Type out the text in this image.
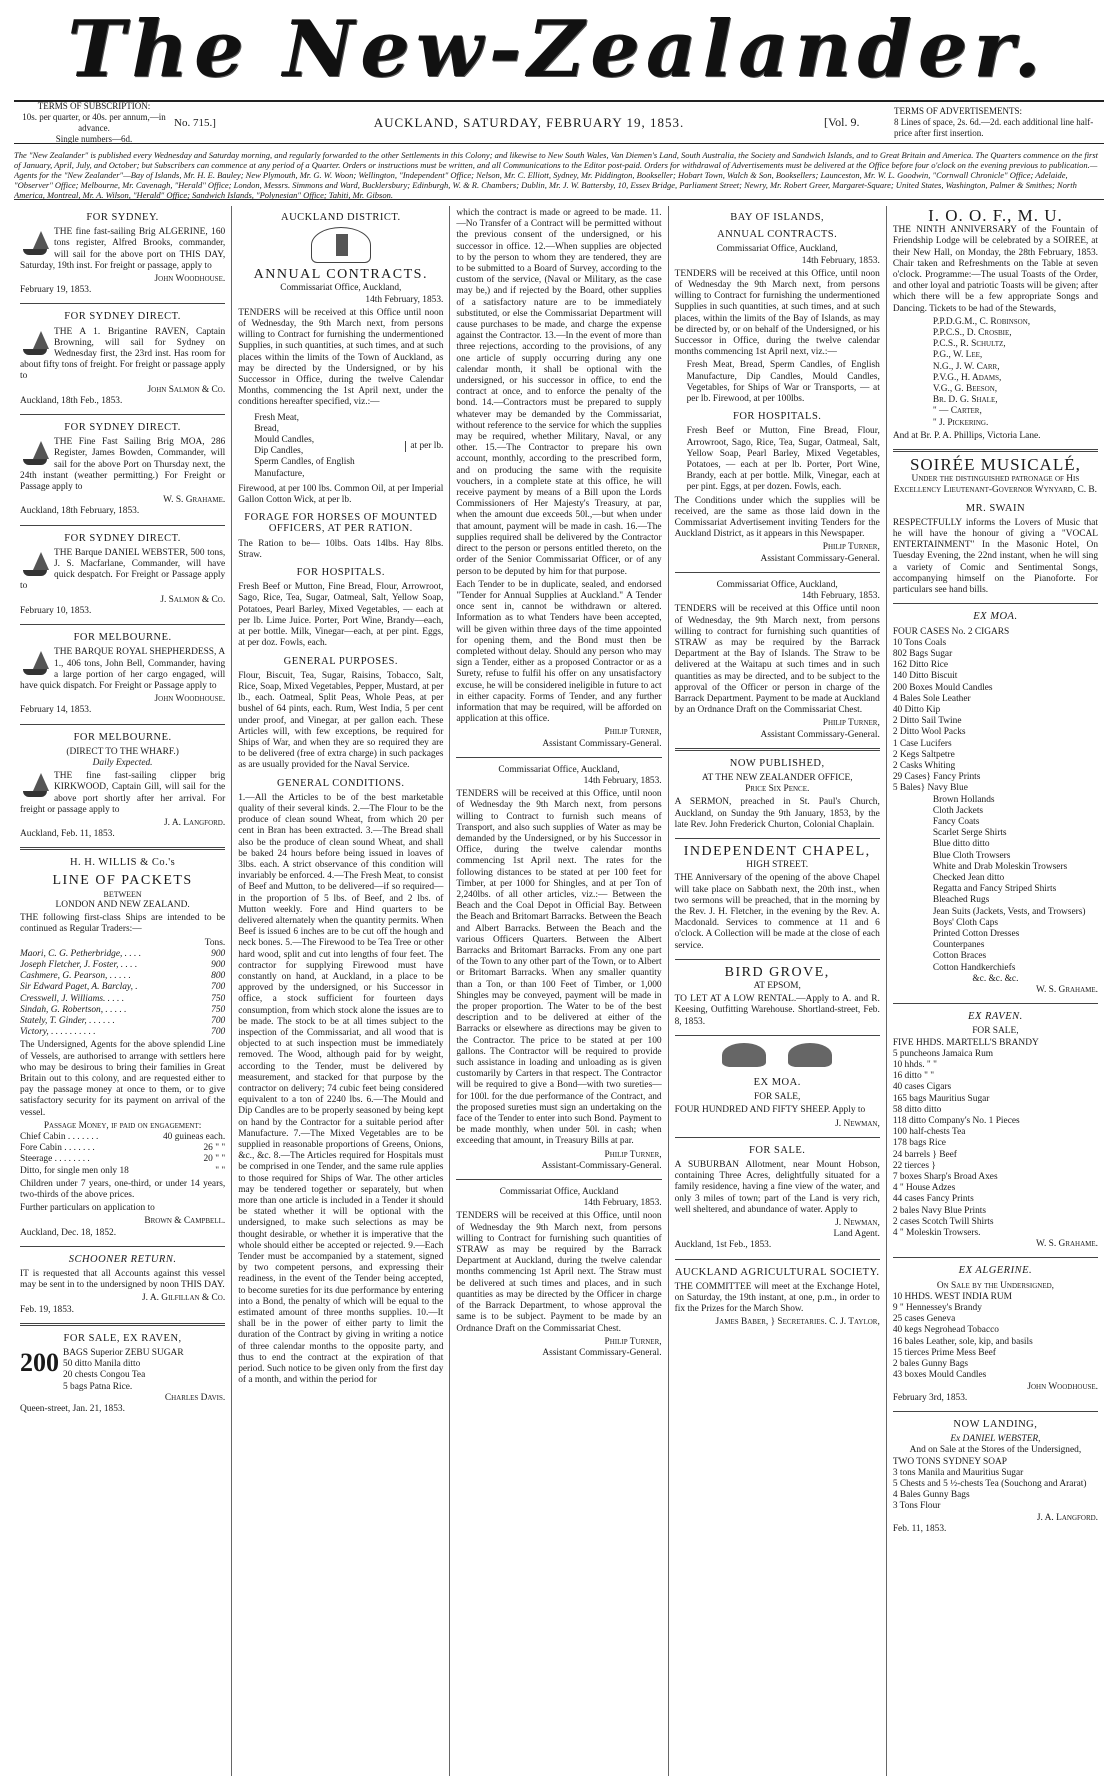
The New-Zealander.
TERMS OF SUBSCRIPTION:
10s. per quarter, or 40s. per annum,—in advance.
Single numbers—6d.
No. 715.]	AUCKLAND, SATURDAY, FEBRUARY 19, 1853.	[Vol. 9.
TERMS OF ADVERTISEMENTS:
8 Lines of space, 2s. 6d.—2d. each additional line half-price after first insertion.
The "New Zealander" is published every Wednesday and Saturday morning, and regularly forwarded to the other Settlements in this Colony; and likewise to New South Wales, Van Diemen's Land, South Australia, the Society and Sandwich Islands, and to Great Britain and America. The Quarters commence on the first of January, April, July, and October; but Subscribers can commence at any period of a Quarter. Orders or instructions must be written, and all Communications to the Editor post-paid. Orders for withdrawal of Advertisements must be delivered at the Office before four o'clock on the evening previous to publication.—Agents for the "New Zealander"—Bay of Islands, Mr. H. E. Bauley; New Plymouth, Mr. G. W. Woon; Wellington, "Independent" Office; Nelson, Mr. C. Elliott, Sydney, Mr. Piddington, Bookseller; Hobart Town, Walch & Son, Booksellers; Launceston, Mr. W. L. Goodwin, "Cornwall Chronicle" Office; Adelaide, "Observer" Office; Melbourne, Mr. Cavenagh, "Herald" Office; London, Messrs. Simmons and Ward, Bucklersbury; Edinburgh, W. & R. Chambers; Dublin, Mr. J. W. Battersby, 10, Essex Bridge, Parliament Street; Newry, Mr. Robert Greer, Margaret-Square; United States, Washington, Palmer & Smithes; North America, Montreal, Mr. A. Wilson, "Herald" Office; Sandwich Islands, "Polynesian" Office; Tahiti, Mr. Gibson.
FOR SYDNEY.
THE fine fast-sailing Brig ALGERINE, 160 tons register, Alfred Brooks, commander, will sail for the above port on THIS DAY, Saturday, 19th inst. For freight or passage, apply to
John Woodhouse.
February 19, 1853.
FOR SYDNEY DIRECT.
THE A 1. Brigantine RAVEN, Captain Browning, will sail for Sydney on Wednesday first, the 23rd inst. Has room for about fifty tons of freight. For freight or passage apply to
John Salmon & Co.
Auckland, 18th Feb., 1853.
FOR SYDNEY DIRECT.
THE Fine Fast Sailing Brig MOA, 286 Register, James Bowden, Commander, will sail for the above Port on Thursday next, the 24th instant (weather permitting.) For Freight or Passage apply to
W. S. Grahame.
Auckland, 18th February, 1853.
FOR SYDNEY DIRECT.
THE Barque DANIEL WEBSTER, 500 tons, J. S. Macfarlane, Commander, will have quick despatch. For Freight or Passage apply to
J. Salmon & Co.
February 10, 1853.
FOR MELBOURNE.
THE BARQUE ROYAL SHEPHERDESS, A 1., 406 tons, John Bell, Commander, having a large portion of her cargo engaged, will have quick dispatch. For Freight or Passage apply to
John Woodhouse.
February 14, 1853.
FOR MELBOURNE.
(DIRECT TO THE WHARF.)
Daily Expected.
THE fine fast-sailing clipper brig KIRKWOOD, Captain Gill, will sail for the above port shortly after her arrival. For freight or passage apply to
J. A. Langford.
Auckland, Feb. 11, 1853.
H. H. WILLIS & Co.'s
LINE OF PACKETS
BETWEEN
LONDON AND NEW ZEALAND.
THE following first-class Ships are intended to be continued as Regular Traders:—
Tons.
Maori, C. G. Petherbridge, . . . .	900
Joseph Fletcher, J. Foster, . . . .	900
Cashmere, G. Pearson, . . . . .	800
Sir Edward Paget, A. Barclay, .	700
Cresswell, J. Williams. . . . .	750
Sindah, G. Robertson, . . . . .	750
Stately, T. Ginder, . . . . . .	700
Victory, . . . . . . . . . .	700
The Undersigned, Agents for the above splendid Line of Vessels, are authorised to arrange with settlers here who may be desirous to bring their families in Great Britain out to this colony, and are requested either to pay the passage money at once to them, or to give satisfactory security for its payment on arrival of the vessel.
Passage Money, if paid on engagement:
Chief Cabin . . . . . . .	40 guineas each.
Fore Cabin . . . . . . .	26 " "
Steerage . . . . . . . .	20 " "
Ditto, for single men only 18	" "
Children under 7 years, one-third, or under 14 years, two-thirds of the above prices.
Further particulars on application to
Brown & Campbell.
Auckland, Dec. 18, 1852.
SCHOONER RETURN.
IT is requested that all Accounts against this vessel may be sent in to the undersigned by noon THIS DAY.
J. A. Gilfillan & Co.
Feb. 19, 1853.
FOR SALE, EX RAVEN,
200 BAGS Superior ZEBU SUGAR
50 ditto Manila ditto
20 chests Congou Tea
5 bags Patna Rice.
Charles Davis.
Queen-street, Jan. 21, 1853.
AUCKLAND DISTRICT.
ANNUAL CONTRACTS.
Commissariat Office, Auckland,
14th February, 1853.
TENDERS will be received at this Office until noon of Wednesday, the 9th March next, from persons willing to Contract for furnishing the undermentioned Supplies, in such quantities, at such times, and at such places within the limits of the Town of Auckland, as may be directed by the Undersigned, or by his Successor in Office, during the twelve Calendar Months, commencing the 1st April next, under the conditions hereafter specified, viz.:—
Fresh Meat,
Bread,
Mould Candles,
Dip Candles,
Sperm Candles, of English Manufacture,
at per lb.
Firewood, at per 100 lbs. Common Oil, at per Imperial Gallon Cotton Wick, at per lb.
FORAGE FOR HORSES OF MOUNTED OFFICERS, AT PER RATION.
The Ration to be— 10lbs. Oats 14lbs. Hay 8lbs. Straw.
FOR HOSPITALS.
Fresh Beef or Mutton, Fine Bread, Flour, Arrowroot, Sago, Rice, Tea, Sugar, Oatmeal, Salt, Yellow Soap, Potatoes, Pearl Barley, Mixed Vegetables, — each at per lb. Lime Juice. Porter, Port Wine, Brandy—each, at per bottle. Milk, Vinegar—each, at per pint. Eggs, at per doz. Fowls, each.
GENERAL PURPOSES.
Flour, Biscuit, Tea, Sugar, Raisins, Tobacco, Salt, Rice, Soap, Mixed Vegetables, Pepper, Mustard, at per lb., each. Oatmeal, Split Peas, Whole Peas, at per bushel of 64 pints, each. Rum, West India, 5 per cent under proof, and Vinegar, at per gallon each. These Articles will, with few exceptions, be required for Ships of War, and when they are so required they are to be delivered (free of extra charge) in such packages as are usually provided for the Naval Service.
GENERAL CONDITIONS.
1.—All the Articles to be of the best marketable quality of their several kinds. 2.—The Flour to be the produce of clean sound Wheat, from which 20 per cent in Bran has been extracted. 3.—The Bread shall also be the produce of clean sound Wheat, and shall be baked 24 hours before being issued in loaves of 3lbs. each. A strict observance of this condition will invariably be enforced. 4.—The Fresh Meat, to consist of Beef and Mutton, to be delivered—if so required—in the proportion of 5 lbs. of Beef, and 2 lbs. of Mutton weekly. Fore and Hind quarters to be delivered alternately when the quantity permits. When Beef is issued 6 inches are to be cut off the hough and neck bones. 5.—The Firewood to be Tea Tree or other hard wood, split and cut into lengths of four feet. The contractor for supplying Firewood must have constantly on hand, at Auckland, in a place to be approved by the undersigned, or his Successor in office, a stock sufficient for fourteen days consumption, from which stock alone the issues are to be made. The stock to be at all times subject to the inspection of the Commissariat, and all wood that is objected to at such inspection must be immediately removed. The Wood, although paid for by weight, according to the Tender, must be delivered by measurement, and stacked for that purpose by the contractor on delivery; 74 cubic feet being considered equivalent to a ton of 2240 lbs. 6.—The Mould and Dip Candles are to be properly seasoned by being kept on hand by the Contractor for a suitable period after Manufacture. 7.—The Mixed Vegetables are to be supplied in reasonable proportions of Greens, Onions, &c., &c. 8.—The Articles required for Hospitals must be comprised in one Tender, and the same rule applies to those required for Ships of War. The other articles may be tendered together or separately, but when more than one article is included in a Tender it should be stated whether it will be optional with the undersigned, to make such selections as may be thought desirable, or whether it is imperative that the whole should either be accepted or rejected. 9.—Each Tender must be accompanied by a statement, signed by two competent persons, and expressing their readiness, in the event of the Tender being accepted, to become sureties for its due performance by entering into a Bond, the penalty of which will be equal to the estimated amount of three months supplies. 10.—It shall be in the power of either party to limit the duration of the Contract by giving in writing a notice of three calendar months to the opposite party, and thus to end the contract at the expiration of that period. Such notice to be given only from the first day of a month, and within the period for
which the contract is made or agreed to be made. 11.—No Transfer of a Contract will be permitted without the previous consent of the undersigned, or his successor in office. 12.—When supplies are objected to by the person to whom they are tendered, they are to be submitted to a Board of Survey, according to the custom of the service, (Naval or Military, as the case may be,) and if rejected by the Board, other supplies of a satisfactory nature are to be immediately substituted, or else the Commissariat Department will cause purchases to be made, and charge the expense against the Contractor. 13.—In the event of more than three rejections, according to the provisions, of any one article of supply occurring during any one calendar month, it shall be optional with the undersigned, or his successor in office, to end the contract at once, and to enforce the penalty of the bond. 14.—Contractors must be prepared to supply whatever may be demanded by the Commissariat, without reference to the service for which the supplies may be required, whether Military, Naval, or any other. 15.—The Contractor to prepare his own account, monthly, according to the prescribed form, and on producing the same with the requisite vouchers, in a complete state at this office, he will receive payment by means of a Bill upon the Lords Commissioners of Her Majesty's Treasury, at par, when the amount due exceeds 50l.,—but when under that amount, payment will be made in cash. 16.—The supplies required shall be delivered by the Contractor direct to the person or persons entitled thereto, on the order of the Senior Commissariat Officer, or of any person to be deputed by him for that purpose.
Each Tender to be in duplicate, sealed, and endorsed "Tender for Annual Supplies at Auckland." A Tender once sent in, cannot be withdrawn or altered. Information as to what Tenders have been accepted, will be given within three days of the time appointed for opening them, and the Bond must then be completed without delay. Should any person who may sign a Tender, either as a proposed Contractor or as a Surety, refuse to fulfil his offer on any unsatisfactory excuse, he will be considered ineligible in future to act in either capacity. Forms of Tender, and any further information that may be required, will be afforded on application at this office.
Philip Turner,
Assistant Commissary-General.
Commissariat Office, Auckland,
14th February, 1853.
TENDERS will be received at this Office, until noon of Wednesday the 9th March next, from persons willing to Contract to furnish such means of Transport, and also such supplies of Water as may be demanded by the Undersigned, or by his Successor in Office, during the twelve calendar months commencing 1st April next. The rates for the following distances to be stated at per 100 feet for Timber, at per 1000 for Shingles, and at per Ton of 2,240lbs. of all other articles, viz.:— Between the Beach and the Coal Depot in Official Bay. Between the Beach and Britomart Barracks. Between the Beach and Albert Barracks. Between the Beach and the various Officers Quarters. Between the Albert Barracks and Britomart Barracks. From any one part of the Town to any other part of the Town, or to Albert or Britomart Barracks. When any smaller quantity than a Ton, or than 100 Feet of Timber, or 1,000 Shingles may be conveyed, payment will be made in the proper proportion. The Water to be of the best description and to be delivered at either of the Barracks or elsewhere as directions may be given to the Contractor. The price to be stated at per 100 gallons. The Contractor will be required to provide such assistance in loading and unloading as is given customarily by Carters in that respect. The Contractor will be required to give a Bond—with two sureties—for 100l. for the due performance of the Contract, and the proposed sureties must sign an undertaking on the face of the Tender to enter into such Bond. Payment to be made monthly, when under 50l. in cash; when exceeding that amount, in Treasury Bills at par.
Philip Turner,
Assistant-Commissary-General.
Commissariat Office, Auckland
14th February, 1853.
TENDERS will be received at this Office, until noon of Wednesday the 9th March next, from persons willing to Contract for furnishing such quantities of STRAW as may be required by the Barrack Department at Auckland, during the twelve calendar months commencing 1st April next. The Straw must be delivered at such times and places, and in such quantities as may be directed by the Officer in charge of the Barrack Department, to whose approval the same is to be subject. Payment to be made by an Ordnance Draft on the Commissariat Chest.
Philip Turner,
Assistant Commissary-General.
BAY OF ISLANDS,
ANNUAL CONTRACTS.
Commissariat Office, Auckland,
14th February, 1853.
TENDERS will be received at this Office, until noon of Wednesday the 9th March next, from persons willing to Contract for furnishing the undermentioned Supplies in such quantities, at such times, and at such places, within the limits of the Bay of Islands, as may be directed by, or on behalf of the Undersigned, or his Successor in Office, during the twelve calendar months commencing 1st April next, viz.:—
Fresh Meat, Bread, Sperm Candles, of English Manufacture, Dip Candles, Mould Candles, Vegetables, for Ships of War or Transports, — at per lb. Firewood, at per 100lbs.
FOR HOSPITALS.
Fresh Beef or Mutton, Fine Bread, Flour, Arrowroot, Sago, Rice, Tea, Sugar, Oatmeal, Salt, Yellow Soap, Pearl Barley, Mixed Vegetables, Potatoes, — each at per lb. Porter, Port Wine, Brandy, each at per bottle. Milk, Vinegar, each at per pint. Eggs, at per dozen. Fowls, each.
The Conditions under which the supplies will be received, are the same as those laid down in the Commissariat Advertisement inviting Tenders for the Auckland District, as it appears in this Newspaper.
Philip Turner,
Assistant Commissary-General.
Commissariat Office, Auckland,
14th February, 1853.
TENDERS will be received at this Office until noon of Wednesday, the 9th March next, from persons willing to contract for furnishing such quantities of STRAW as may be required by the Barrack Department at the Bay of Islands. The Straw to be delivered at the Waitapu at such times and in such quantities as may be directed, and to be subject to the approval of the Officer or person in charge of the Barrack Department. Payment to be made at Auckland by an Ordnance Draft on the Commissariat Chest.
Philip Turner,
Assistant Commissary-General.
NOW PUBLISHED,
AT THE NEW ZEALANDER OFFICE,
Price Six Pence.
A SERMON, preached in St. Paul's Church, Auckland, on Sunday the 9th January, 1853, by the late Rev. John Frederick Churton, Colonial Chaplain.
INDEPENDENT CHAPEL,
HIGH STREET.
THE Anniversary of the opening of the above Chapel will take place on Sabbath next, the 20th inst., when two sermons will be preached, that in the morning by the Rev. J. H. Fletcher, in the evening by the Rev. A. Macdonald. Services to commence at 11 and 6 o'clock. A Collection will be made at the close of each service.
BIRD GROVE,
AT EPSOM,
TO LET AT A LOW RENTAL.—Apply to A. and R. Keesing, Outfitting Warehouse. Shortland-street, Feb. 8, 1853.

EX MOA.
FOR SALE,
FOUR HUNDRED AND FIFTY SHEEP. Apply to
J. Newman,
FOR SALE.
A SUBURBAN Allotment, near Mount Hobson, containing Three Acres, delightfully situated for a family residence, having a fine view of the water, and only 3 miles of town; part of the Land is very rich, well sheltered, and abundance of water. Apply to
J. Newman,
Land Agent.
Auckland, 1st Feb., 1853.
AUCKLAND AGRICULTURAL SOCIETY.
THE COMMITTEE will meet at the Exchange Hotel, on Saturday, the 19th instant, at one, p.m., in order to fix the Prizes for the March Show.
James Baber, } Secretaries. C. J. Taylor,
I. O. O. F., M. U.
THE NINTH ANNIVERSARY of the Fountain of Friendship Lodge will be celebrated by a SOIREE, at their New Hall, on Monday, the 28th February, 1853. Chair taken and Refreshments on the Table at seven o'clock. Programme:—The usual Toasts of the Order, and other loyal and patriotic Toasts will be given; after which there will be a few appropriate Songs and Dancing. Tickets to be had of the Stewards,
P.P.D.G.M., C. Robinson,
P.P.C.S., D. Crosbie,
P.C.S., R. Schultz,
P.G., W. Lee,
N.G., J. W. Carr,
P.V.G., H. Adams,
V.G., G. Beeson,
Br. D. G. Shale,
" — Carter,
" J. Pickering.
And at Br. P. A. Phillips, Victoria Lane.
SOIRÉE MUSICALÉ,
Under the distinguished patronage of His Excellency Lieutenant-Governor Wynyard, C. B.
MR. SWAIN
RESPECTFULLY informs the Lovers of Music that he will have the honour of giving a "VOCAL ENTERTAINMENT" In the Masonic Hotel, On Tuesday Evening, the 22nd instant, when he will sing a variety of Comic and Sentimental Songs, accompanying himself on the Pianoforte. For particulars see hand bills.
EX MOA.
FOUR CASES No. 2 CIGARS
10 Tons Coals
802 Bags Sugar
162 Ditto Rice
140 Ditto Biscuit
200 Boxes Mould Candles
4 Bales Sole Leather
40 Ditto Kip
2 Ditto Sail Twine
2 Ditto Wool Packs
1 Case Lucifers
2 Kegs Saltpetre
2 Casks Whiting
29 Cases} Fancy Prints
5 Bales} Navy Blue
Brown Hollands
Cloth Jackets
Fancy Coats
Scarlet Serge Shirts
Blue ditto ditto
Blue Cloth Trowsers
White and Drab Moleskin Trowsers
Checked Jean ditto
Regatta and Fancy Striped Shirts
Bleached Rugs
Jean Suits (Jackets, Vests, and Trowsers)
Boys' Cloth Caps
Printed Cotton Dresses
Counterpanes
Cotton Braces
Cotton Handkerchiefs
&c. &c. &c.
W. S. Grahame.
EX RAVEN.
FOR SALE,
FIVE HHDS. MARTELL'S BRANDY
5 puncheons Jamaica Rum
10 hhds. " "
16 ditto " "
40 cases Cigars
165 bags Mauritius Sugar
58 ditto ditto
118 ditto Company's No. 1 Pieces
100 half-chests Tea
178 bags Rice
24 barrels } Beef
22 tierces }
7 boxes Sharp's Broad Axes
4 " House Adzes
44 cases Fancy Prints
2 bales Navy Blue Prints
2 cases Scotch Twill Shirts
4 " Moleskin Trowsers.
W. S. Grahame.
EX ALGERINE.
On Sale by the Undersigned,
10 HHDS. WEST INDIA RUM
9 " Hennessey's Brandy
25 cases Geneva
40 kegs Negrohead Tobacco
16 bales Leather, sole, kip, and basils
15 tierces Prime Mess Beef
2 bales Gunny Bags
43 boxes Mould Candles
John Woodhouse.
February 3rd, 1853.
NOW LANDING,
Ex DANIEL WEBSTER,
And on Sale at the Stores of the Undersigned,
TWO TONS SYDNEY SOAP
3 tons Manila and Mauritius Sugar
5 Chests and 5 ½-chests Tea (Souchong and Ararat)
4 Bales Gunny Bags
3 Tons Flour
J. A. Langford.
Feb. 11, 1853.
